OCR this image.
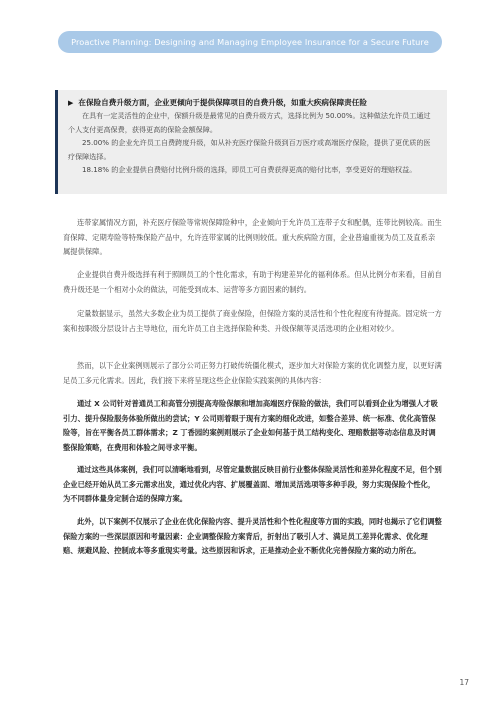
Proactive Planning: Designing and Managing Employee Insurance for a Secure Future
▶ 在保险自费升级方面，企业更倾向于提供保障项目的自费升级，如重大疾病保障责任险

在具有一定灵活性的企业中，保额升级是最常见的自费升级方式，选择比例为 50.00%。这种做法允许员工通过个人支付更高保费，获得更高的保险金额保障。

25.00% 的企业允许员工自费跨度升级，如从补充医疗保险升级到百万医疗或高端医疗保险，提供了更优质的医疗保障选择。

18.18% 的企业提供自费赔付比例升级的选择，即员工可自费获得更高的赔付比率，享受更好的理赔权益。

连带家属情况方面，补充医疗保险等常规保障险种中，企业倾向于允许员工连带子女和配偶，连带比例较高。而生育保障、定期寿险等特殊保险产品中，允许连带家属的比例则较低。重大疾病险方面，企业普遍重视为员工及直系亲属提供保障。

企业提供自费升级选择有利于照顾员工的个性化需求，有助于构建差异化的福利体系。但从比例分布来看，目前自费升级还是一个相对小众的做法，可能受到成本、运营等多方面因素的制约。

定量数据显示，虽然大多数企业为员工提供了商业保险，但保险方案的灵活性和个性化程度有待提高。固定统一方案和按职级分层设计占主导地位，而允许员工自主选择保险种类、升级保额等灵活选项的企业相对较少。

然而，以下企业案例则展示了部分公司正努力打破传统僵化模式，逐步加大对保险方案的优化调整力度，以更好满足员工多元化需求。因此，我们接下来将呈现这些企业保险实践案例的具体内容：

通过 X 公司针对普通员工和高管分别提高寿险保额和增加高端医疗保险的做法，我们可以看到企业为增强人才吸引力、提升保险服务体验所做出的尝试；Y 公司则着眼于现有方案的细化改进，如整合差异、统一标准、优化高管保险等，旨在平衡各员工群体需求；Z 丁香园的案例则展示了企业如何基于员工结构变化、理赔数据等动态信息及时调整保险策略，在费用和体验之间寻求平衡。

通过这些具体案例，我们可以清晰地看到，尽管定量数据反映目前行业整体保险灵活性和差异化程度不足，但个别企业已经开始从员工多元需求出发，通过优化内容、扩展覆盖面、增加灵活选项等多种手段，努力实现保险个性化，为不同群体量身定制合适的保障方案。

此外，以下案例不仅展示了企业在优化保险内容、提升灵活性和个性化程度等方面的实践，同时也揭示了它们调整保险方案的一些深层原因和考量因素：企业调整保险方案背后，折射出了吸引人才、满足员工差异化需求、优化理赔、规避风险、控制成本等多重现实考量。这些原因和诉求，正是推动企业不断优化完善保险方案的动力所在。

17
